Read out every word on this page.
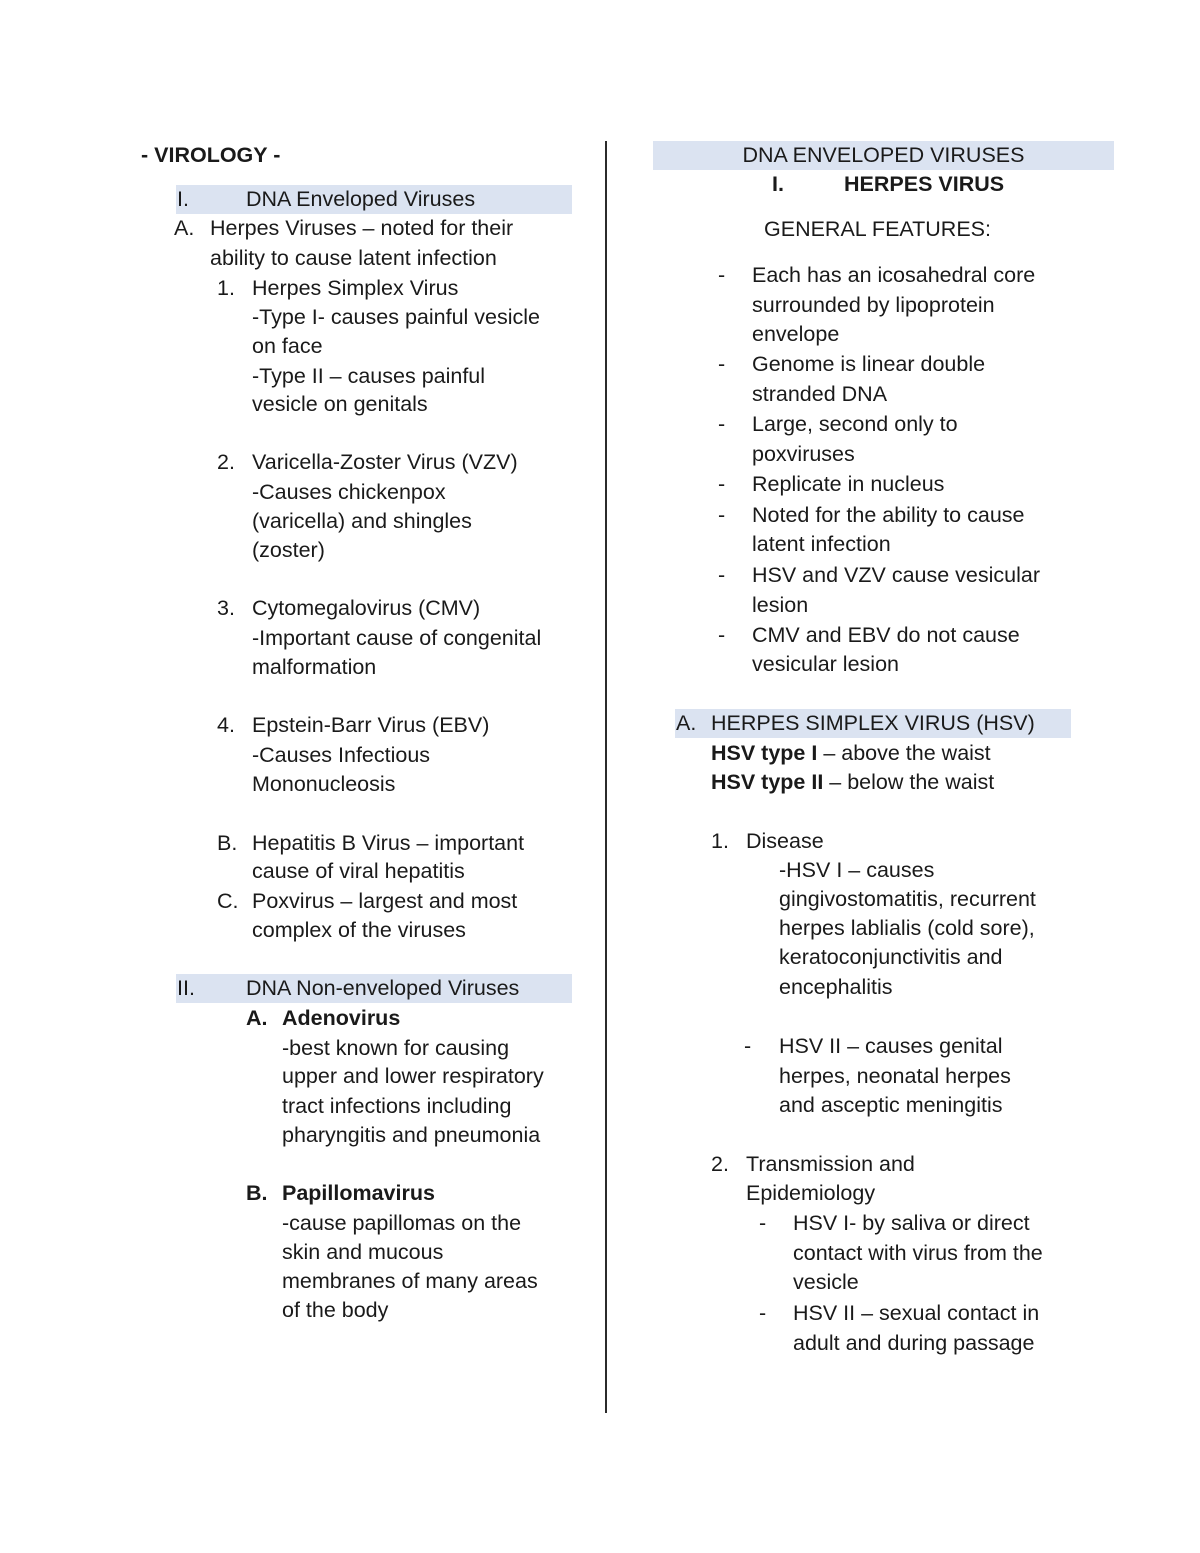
- VIROLOGY -
I.	DNA Enveloped Viruses
A. Herpes Viruses – noted for their
ability to cause latent infection
1. Herpes Simplex Virus
-Type I- causes painful vesicle
on face
-Type II – causes painful
vesicle on genitals
2. Varicella-Zoster Virus (VZV)
-Causes chickenpox
(varicella) and shingles
(zoster)
3. Cytomegalovirus (CMV)
-Important cause of congenital
malformation
4. Epstein-Barr Virus (EBV)
-Causes Infectious
Mononucleosis
B. Hepatitis B Virus – important
cause of viral hepatitis
C. Poxvirus – largest and most
complex of the viruses
II. DNA Non-enveloped Viruses
A. Adenovirus
-best known for causing
upper and lower respiratory
tract infections including
pharyngitis and pneumonia
B. Papillomavirus
-cause papillomas on the
skin and mucous
membranes of many areas
of the body
DNA ENVELOPED VIRUSES
I.	HERPES VIRUS
GENERAL FEATURES:
- Each has an icosahedral core
surrounded by lipoprotein
envelope
- Genome is linear double
stranded DNA
- Large, second only to
poxviruses
- Replicate in nucleus
- Noted for the ability to cause
latent infection
- HSV and VZV cause vesicular
lesion
- CMV and EBV do not cause
vesicular lesion
A. HERPES SIMPLEX VIRUS (HSV)
HSV type I – above the waist
HSV type II – below the waist
1. Disease
-HSV I – causes
gingivostomatitis, recurrent
herpes lablialis (cold sore),
keratoconjunctivitis and
encephalitis
- HSV II – causes genital
herpes, neonatal herpes
and asceptic meningitis
2. Transmission and
Epidemiology
- HSV I- by saliva or direct
contact with virus from the
vesicle
- HSV II – sexual contact in
adult and during passage
